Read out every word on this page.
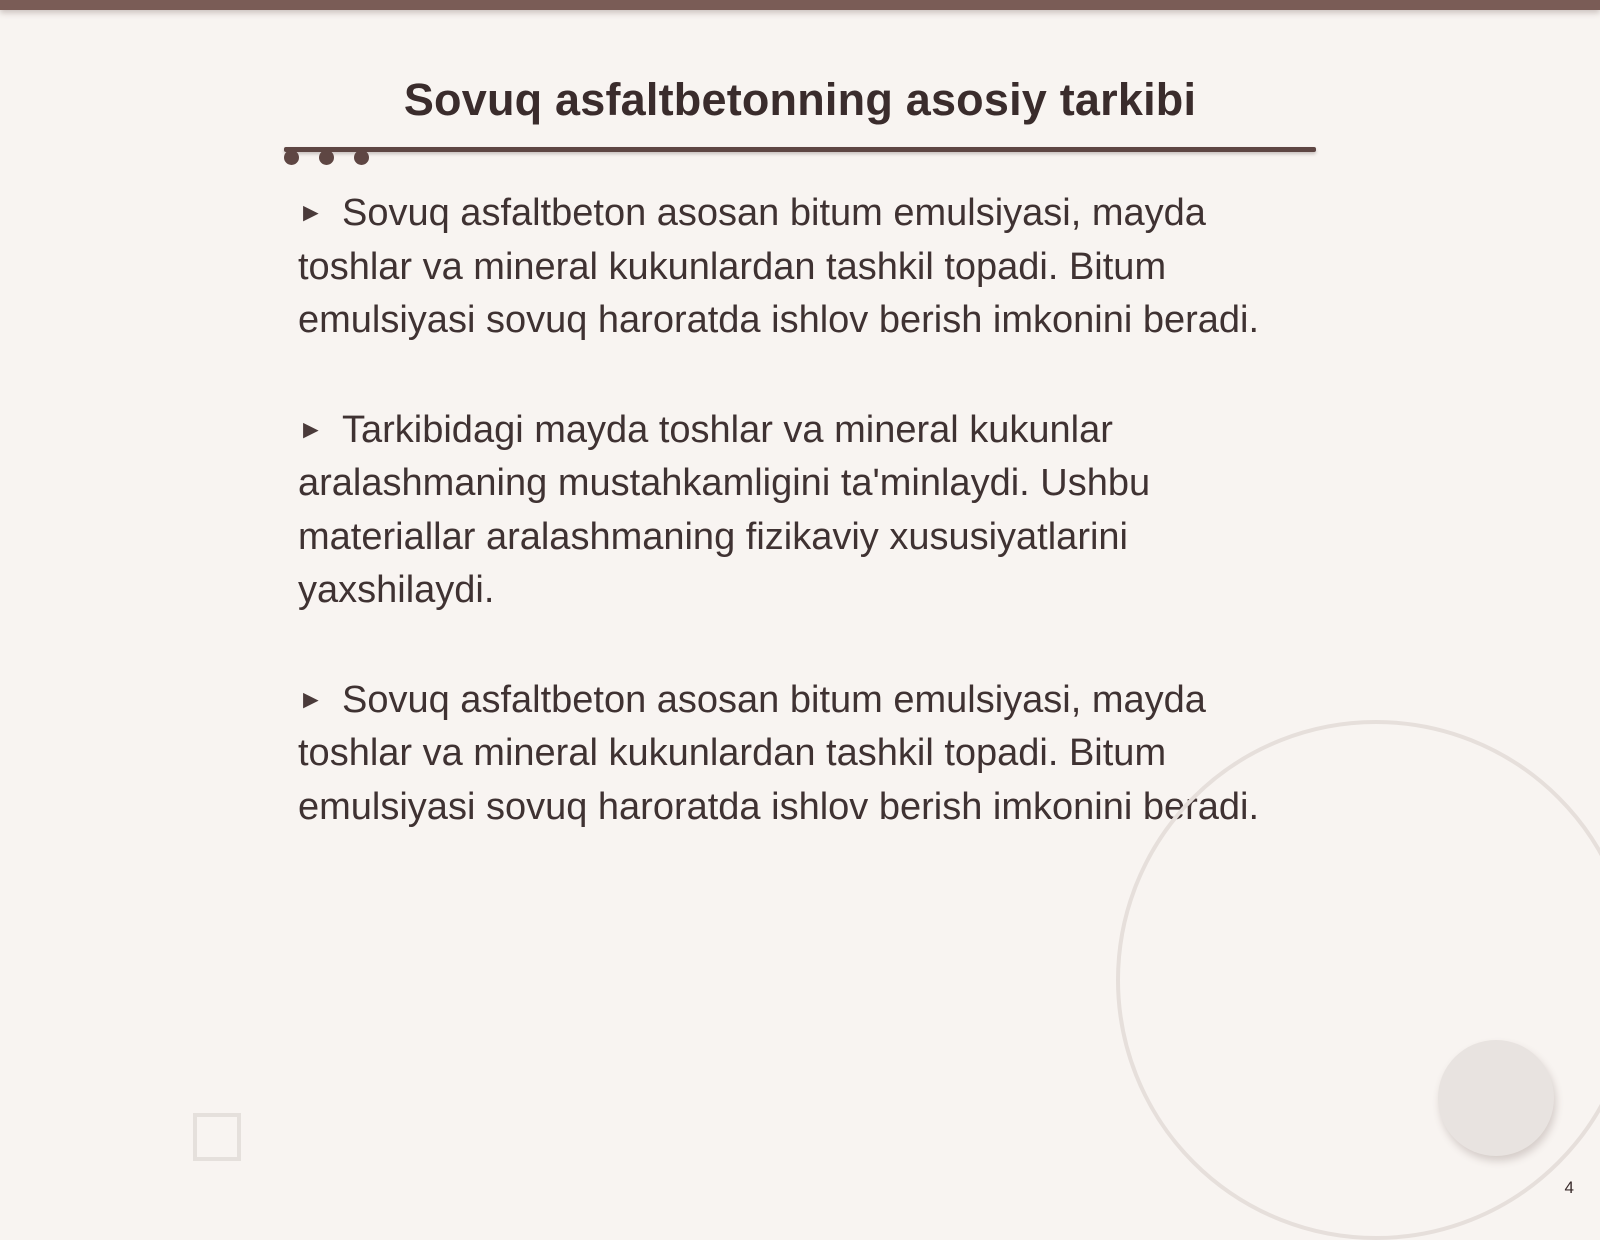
Sovuq asfaltbetonning asosiy tarkibi

► Sovuq asfaltbeton asosan bitum emulsiyasi, mayda toshlar va mineral kukunlardan tashkil topadi. Bitum emulsiyasi sovuq haroratda ishlov berish imkonini beradi.

► Tarkibidagi mayda toshlar va mineral kukunlar aralashmaning mustahkamligini ta'minlaydi. Ushbu materiallar aralashmaning fizikaviy xususiyatlarini yaxshilaydi.

► Sovuq asfaltbeton asosan bitum emulsiyasi, mayda toshlar va mineral kukunlardan tashkil topadi. Bitum emulsiyasi sovuq haroratda ishlov berish imkonini beradi.

4
